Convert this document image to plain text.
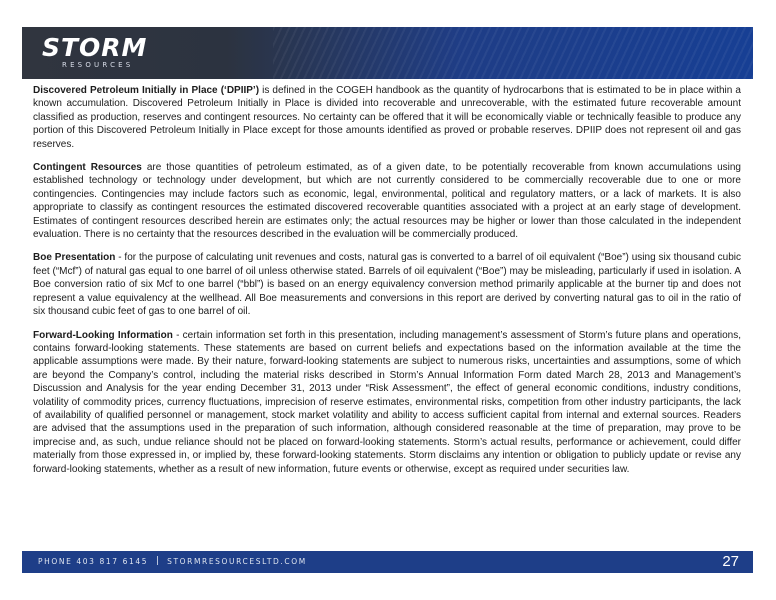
STORM
RESOURCES

Discovered Petroleum Initially in Place (‘DPIIP’) is defined in the COGEH handbook as the quantity of hydrocarbons that is estimated to be in place within a known accumulation. Discovered Petroleum Initially in Place is divided into recoverable and unrecoverable, with the estimated future recoverable amount classified as production, reserves and contingent resources. No certainty can be offered that it will be economically viable or technically feasible to produce any portion of this Discovered Petroleum Initially in Place except for those amounts identified as proved or probable reserves. DPIIP does not represent oil and gas reserves.

Contingent Resources are those quantities of petroleum estimated, as of a given date, to be potentially recoverable from known accumulations using established technology or technology under development, but which are not currently considered to be commercially recoverable due to one or more contingencies. Contingencies may include factors such as economic, legal, environmental, political and regulatory matters, or a lack of markets. It is also appropriate to classify as contingent resources the estimated discovered recoverable quantities associated with a project at an early stage of development. Estimates of contingent resources described herein are estimates only; the actual resources may be higher or lower than those calculated in the independent evaluation. There is no certainty that the resources described in the evaluation will be commercially produced.

Boe Presentation - for the purpose of calculating unit revenues and costs, natural gas is converted to a barrel of oil equivalent (“Boe”) using six thousand cubic feet (“Mcf”) of natural gas equal to one barrel of oil unless otherwise stated. Barrels of oil equivalent (“Boe”) may be misleading, particularly if used in isolation. A Boe conversion ratio of six Mcf to one barrel (“bbl”) is based on an energy equivalency conversion method primarily applicable at the burner tip and does not represent a value equivalency at the wellhead. All Boe measurements and conversions in this report are derived by converting natural gas to oil in the ratio of six thousand cubic feet of gas to one barrel of oil.

Forward-Looking Information - certain information set forth in this presentation, including management’s assessment of Storm’s future plans and operations, contains forward-looking statements. These statements are based on current beliefs and expectations based on the information available at the time the applicable assumptions were made. By their nature, forward-looking statements are subject to numerous risks, uncertainties and assumptions, some of which are beyond the Company’s control, including the material risks described in Storm’s Annual Information Form dated March 28, 2013 and Management’s Discussion and Analysis for the year ending December 31, 2013 under “Risk Assessment”, the effect of general economic conditions, industry conditions, volatility of commodity prices, currency fluctuations, imprecision of reserve estimates, environmental risks, competition from other industry participants, the lack of availability of qualified personnel or management, stock market volatility and ability to access sufficient capital from internal and external sources. Readers are advised that the assumptions used in the preparation of such information, although considered reasonable at the time of preparation, may prove to be imprecise and, as such, undue reliance should not be placed on forward-looking statements. Storm’s actual results, performance or achievement, could differ materially from those expressed in, or implied by, these forward-looking statements. Storm disclaims any intention or obligation to publicly update or revise any forward-looking statements, whether as a result of new information, future events or otherwise, except as required under securities law.

PHONE 403 817 6145	STORMRESOURCESLTD.COM	27
